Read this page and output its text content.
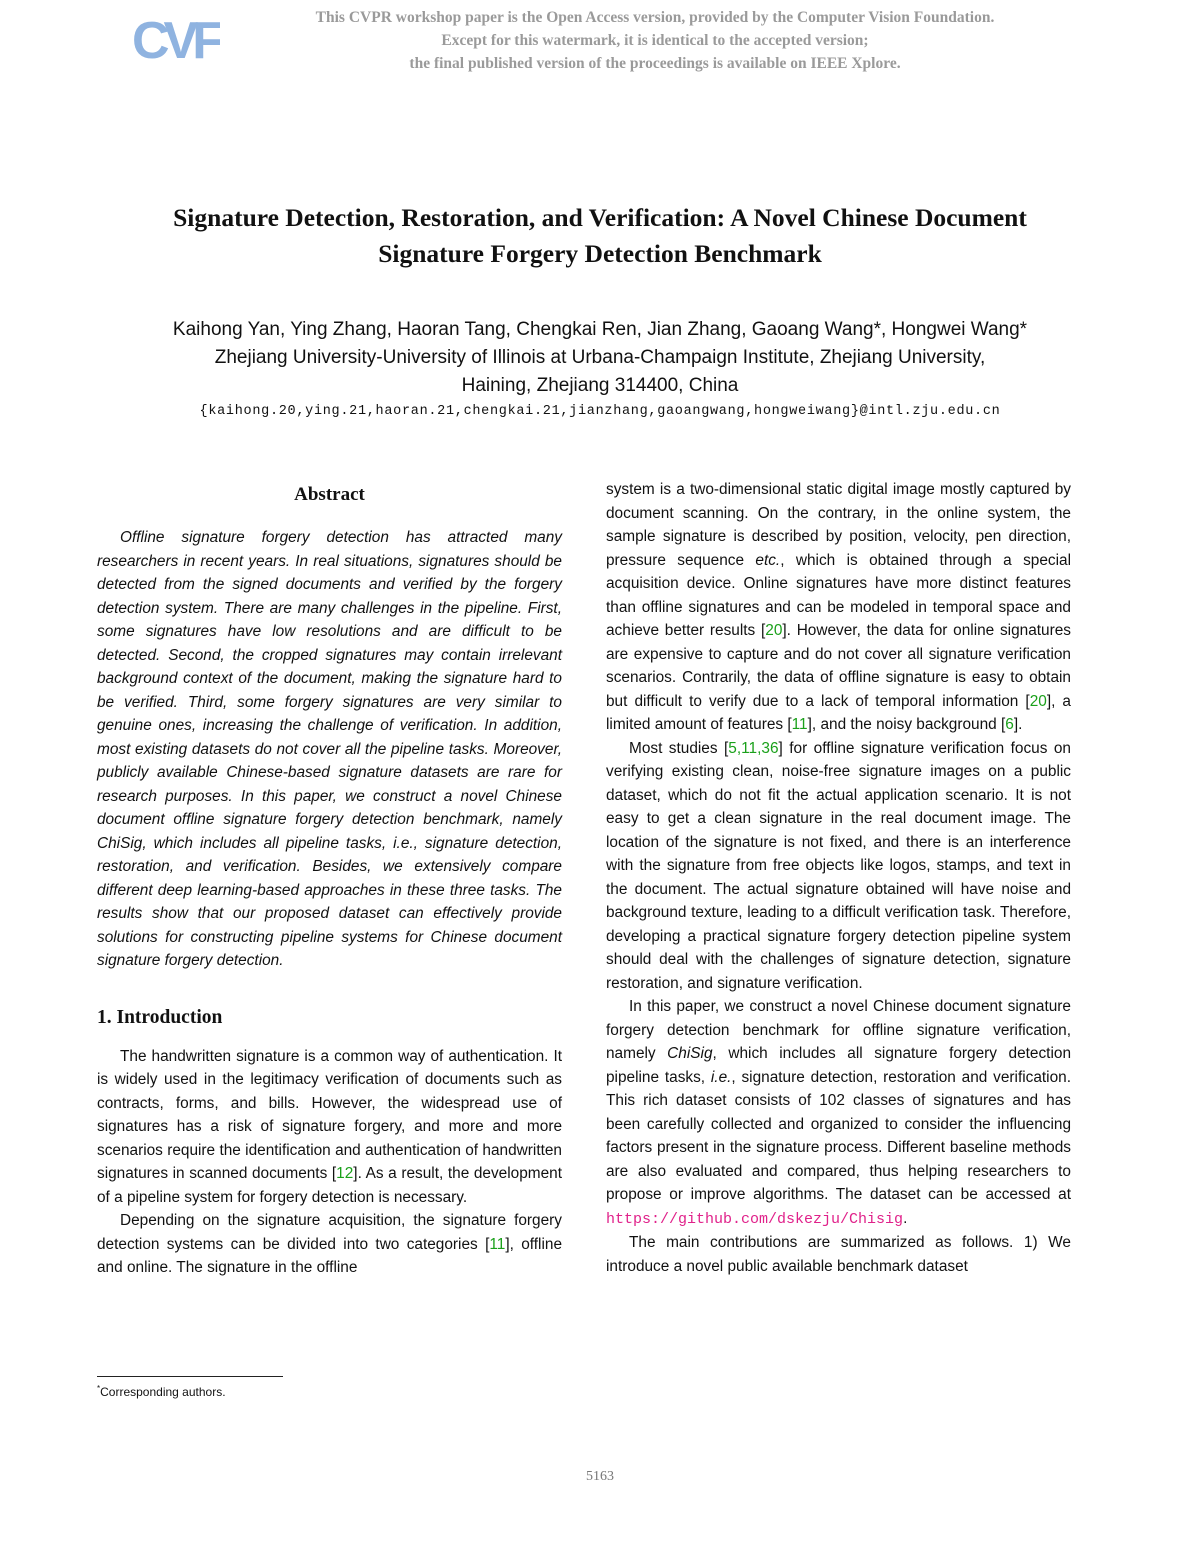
CVF	This CVPR workshop paper is the Open Access version, provided by the Computer Vision Foundation.
Except for this watermark, it is identical to the accepted version;
the final published version of the proceedings is available on IEEE Xplore.
Signature Detection, Restoration, and Verification: A Novel Chinese Document
Signature Forgery Detection Benchmark
Kaihong Yan, Ying Zhang, Haoran Tang, Chengkai Ren, Jian Zhang, Gaoang Wang*, Hongwei Wang*
Zhejiang University-University of Illinois at Urbana-Champaign Institute, Zhejiang University,
Haining, Zhejiang 314400, China
{kaihong.20,ying.21,haoran.21,chengkai.21,jianzhang,gaoangwang,hongweiwang}@intl.zju.edu.cn
Abstract

Offline signature forgery detection has attracted many researchers in recent years. In real situations, signatures should be detected from the signed documents and verified by the forgery detection system. There are many challenges in the pipeline. First, some signatures have low resolutions and are difficult to be detected. Second, the cropped signatures may contain irrelevant background context of the document, making the signature hard to be verified. Third, some forgery signatures are very similar to genuine ones, increasing the challenge of verification. In addition, most existing datasets do not cover all the pipeline tasks. Moreover, publicly available Chinese-based signature datasets are rare for research purposes. In this paper, we construct a novel Chinese document offline signature forgery detection benchmark, namely ChiSig, which includes all pipeline tasks, i.e., signature detection, restoration, and verification. Besides, we extensively compare different deep learning-based approaches in these three tasks. The results show that our proposed dataset can effectively provide solutions for constructing pipeline systems for Chinese document signature forgery detection.

1. Introduction

The handwritten signature is a common way of authentication. It is widely used in the legitimacy verification of documents such as contracts, forms, and bills. However, the widespread use of signatures has a risk of signature forgery, and more and more scenarios require the identification and authentication of handwritten signatures in scanned documents [12]. As a result, the development of a pipeline system for forgery detection is necessary.

Depending on the signature acquisition, the signature forgery detection systems can be divided into two categories [11], offline and online. The signature in the offline

system is a two-dimensional static digital image mostly captured by document scanning. On the contrary, in the online system, the sample signature is described by position, velocity, pen direction, pressure sequence etc., which is obtained through a special acquisition device. Online signatures have more distinct features than offline signatures and can be modeled in temporal space and achieve better results [20]. However, the data for online signatures are expensive to capture and do not cover all signature verification scenarios. Contrarily, the data of offline signature is easy to obtain but difficult to verify due to a lack of temporal information [20], a limited amount of features [11], and the noisy background [6].

Most studies [5,11,36] for offline signature verification focus on verifying existing clean, noise-free signature images on a public dataset, which do not fit the actual application scenario. It is not easy to get a clean signature in the real document image. The location of the signature is not fixed, and there is an interference with the signature from free objects like logos, stamps, and text in the document. The actual signature obtained will have noise and background texture, leading to a difficult verification task. Therefore, developing a practical signature forgery detection pipeline system should deal with the challenges of signature detection, signature restoration, and signature verification.

In this paper, we construct a novel Chinese document signature forgery detection benchmark for offline signature verification, namely ChiSig, which includes all signature forgery detection pipeline tasks, i.e., signature detection, restoration and verification. This rich dataset consists of 102 classes of signatures and has been carefully collected and organized to consider the influencing factors present in the signature process. Different baseline methods are also evaluated and compared, thus helping researchers to propose or improve algorithms. The dataset can be accessed at https://github.com/dskezju/Chisig.

The main contributions are summarized as follows. 1) We introduce a novel public available benchmark dataset

*Corresponding authors.
5163
